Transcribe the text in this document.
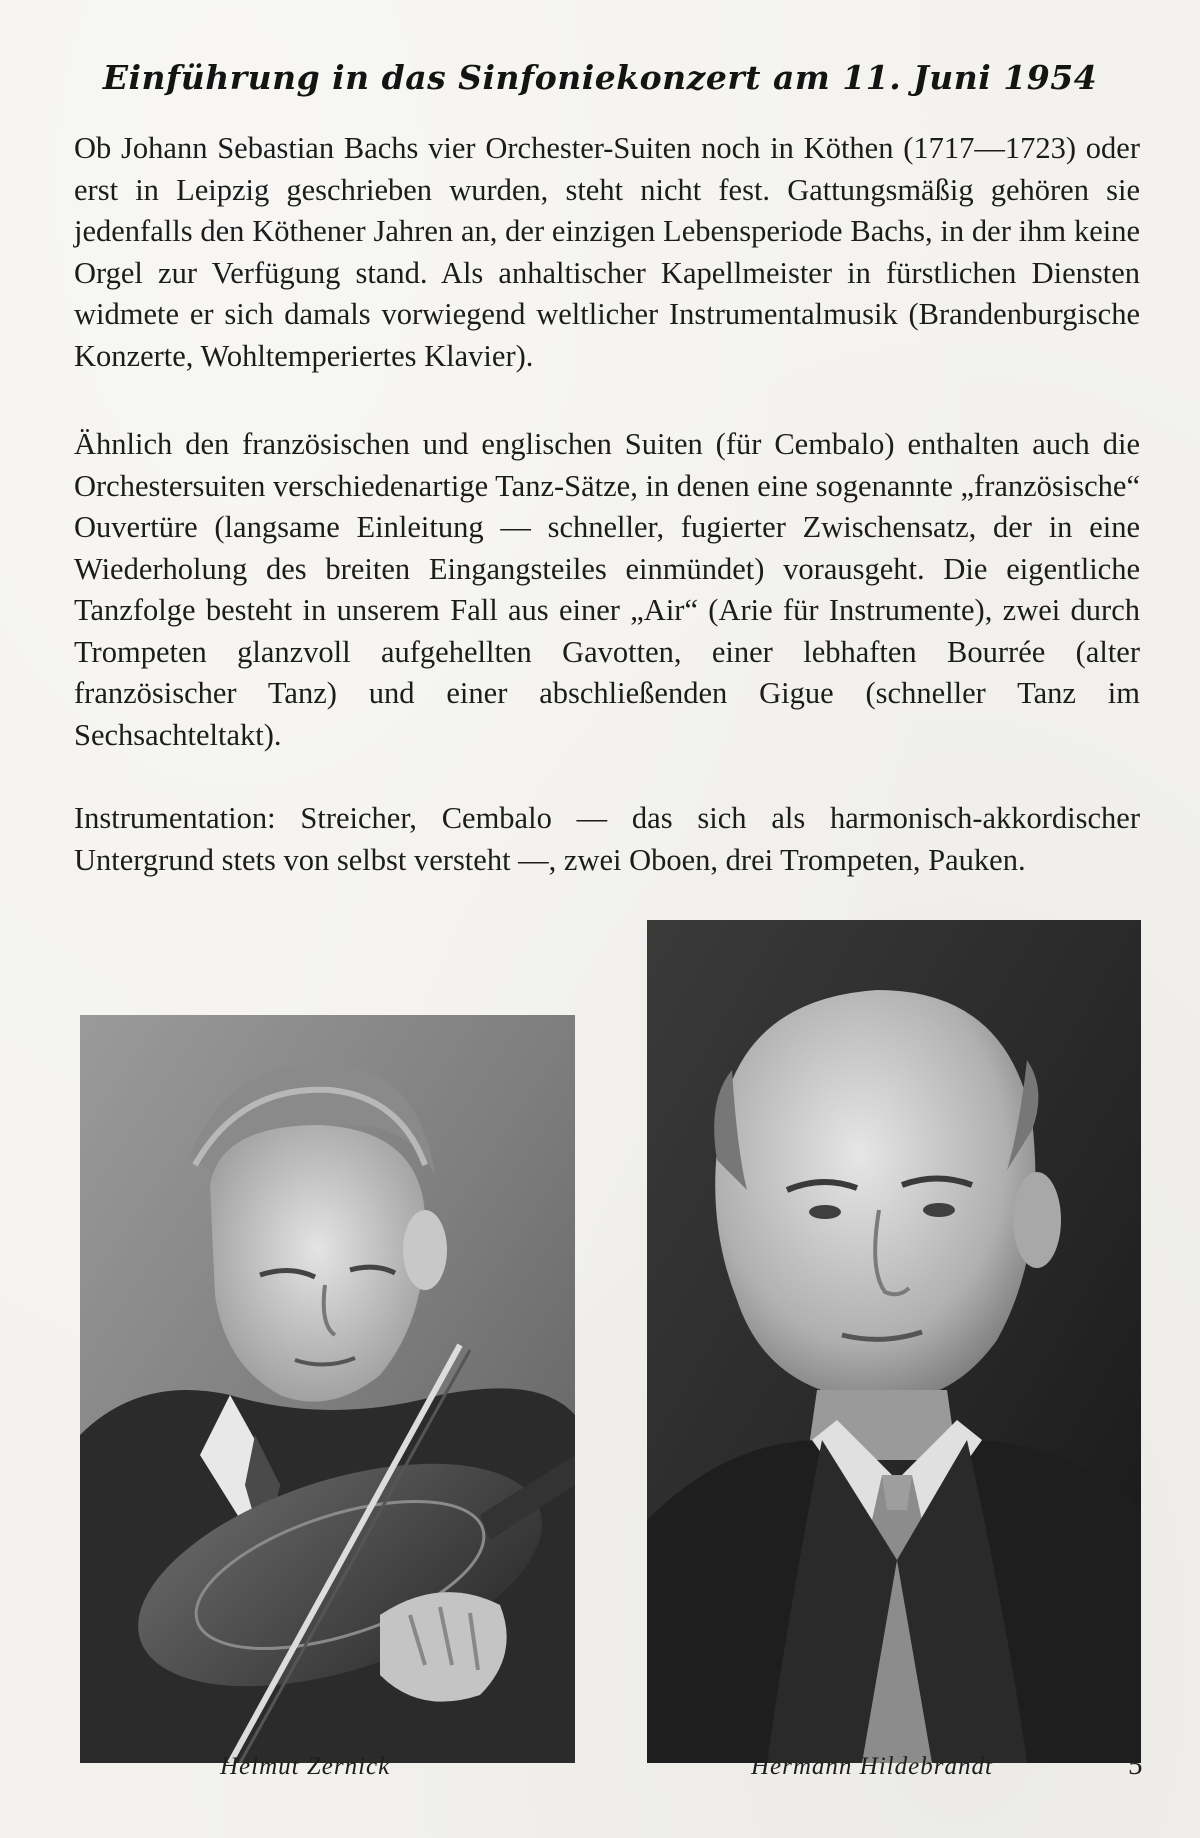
Einführung in das Sinfoniekonzert am 11. Juni 1954

Ob Johann Sebastian Bachs vier Orchester-Suiten noch in Köthen (1717—1723) oder erst in Leipzig geschrieben wurden, steht nicht fest. Gattungsmäßig gehören sie jedenfalls den Köthener Jahren an, der einzigen Lebensperiode Bachs, in der ihm keine Orgel zur Verfügung stand. Als anhaltischer Kapellmeister in fürstlichen Diensten widmete er sich damals vorwiegend weltlicher Instrumentalmusik (Brandenburgische Konzerte, Wohltemperiertes Klavier).

Ähnlich den französischen und englischen Suiten (für Cembalo) enthalten auch die Orchestersuiten verschiedenartige Tanz-Sätze, in denen eine sogenannte „französische“ Ouvertüre (langsame Einleitung — schneller, fugierter Zwischensatz, der in eine Wiederholung des breiten Eingangsteiles einmündet) vorausgeht. Die eigentliche Tanzfolge besteht in unserem Fall aus einer „Air“ (Arie für Instrumente), zwei durch Trompeten glanzvoll aufgehellten Gavotten, einer lebhaften Bourrée (alter französischer Tanz) und einer abschließenden Gigue (schneller Tanz im Sechsachteltakt).

Instrumentation: Streicher, Cembalo — das sich als harmonisch-akkordischer Untergrund stets von selbst versteht —, zwei Oboen, drei Trompeten, Pauken.

Helmut Zernick	Hermann Hildebrandt	5
